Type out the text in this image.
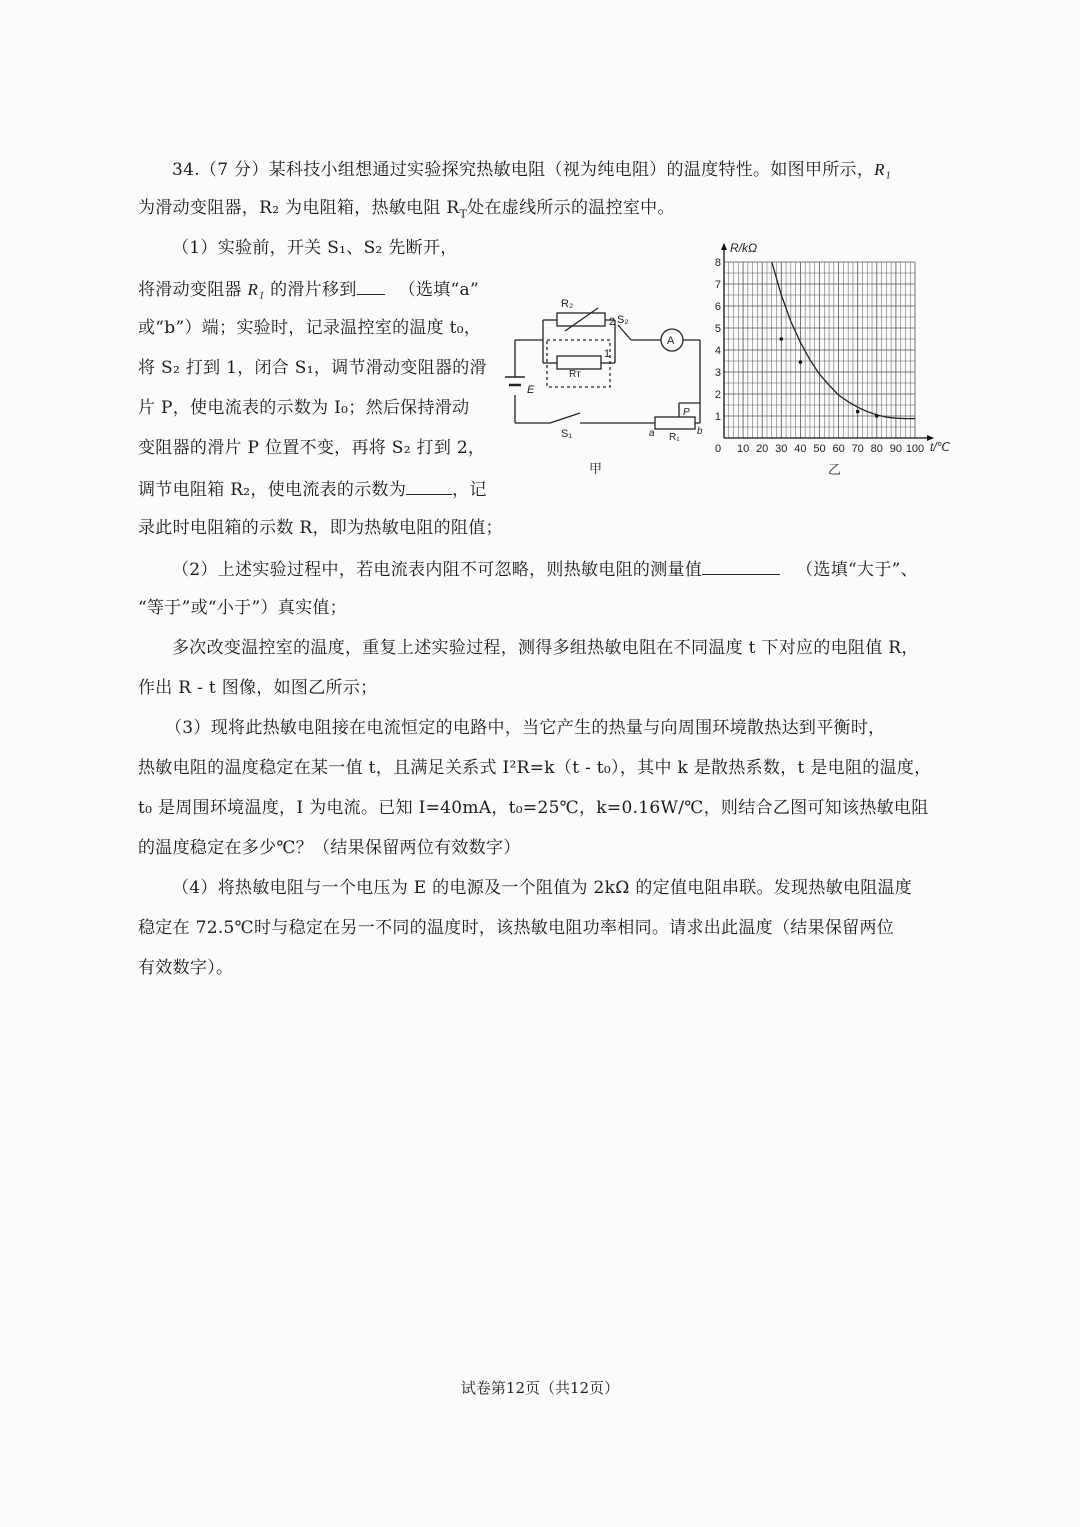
34.（7 分）某科技小组想通过实验探究热敏电阻（视为纯电阻）的温度特性。如图甲所示，R₁
为滑动变阻器，R₂ 为电阻箱，热敏电阻 $R_T$处在虚线所示的温控室中。
（1）实验前，开关 S₁、S₂ 先断开，
将滑动变阻器 R₁ 的滑片移到 （选填“a”
或“b”）端；实验时，记录温控室的温度 t₀，
将 S₂ 打到 1，闭合 S₁，调节滑动变阻器的滑
片 P，使电流表的示数为 I₀；然后保持滑动
变阻器的滑片 P 位置不变，再将 S₂ 打到 2，
调节电阻箱 R₂，使电流表的示数为	，记
录此时电阻箱的示数 R，即为热敏电阻的阻值；
R₂
Rт
2
1
S₂
A
E
S₁
P
a	b
R₁
甲
0 10 20 30 40 50 60 70 80 90 100
1
2
3
4
5
6
7
8
R/kΩ
t/℃
乙
（2）上述实验过程中，若电流表内阻不可忽略，则热敏电阻的测量值	（选填“大于”、
“等于”或“小于”）真实值；
多次改变温控室的温度，重复上述实验过程，测得多组热敏电阻在不同温度 t 下对应的电阻值 R，
作出 R - t 图像，如图乙所示；
（3）现将此热敏电阻接在电流恒定的电路中，当它产生的热量与向周围环境散热达到平衡时，
热敏电阻的温度稳定在某一值 t，且满足关系式 I²R=k（t - t₀），其中 k 是散热系数，t 是电阻的温度，
t₀ 是周围环境温度，I 为电流。已知 I=40mA，t₀=25℃，k=0.16W/℃，则结合乙图可知该热敏电阻
的温度稳定在多少℃？（结果保留两位有效数字）
（4）将热敏电阻与一个电压为 E 的电源及一个阻值为 2kΩ 的定值电阻串联。发现热敏电阻温度
稳定在 72.5℃时与稳定在另一不同的温度时，该热敏电阻功率相同。请求出此温度（结果保留两位
有效数字）。
试卷第12页（共12页）
